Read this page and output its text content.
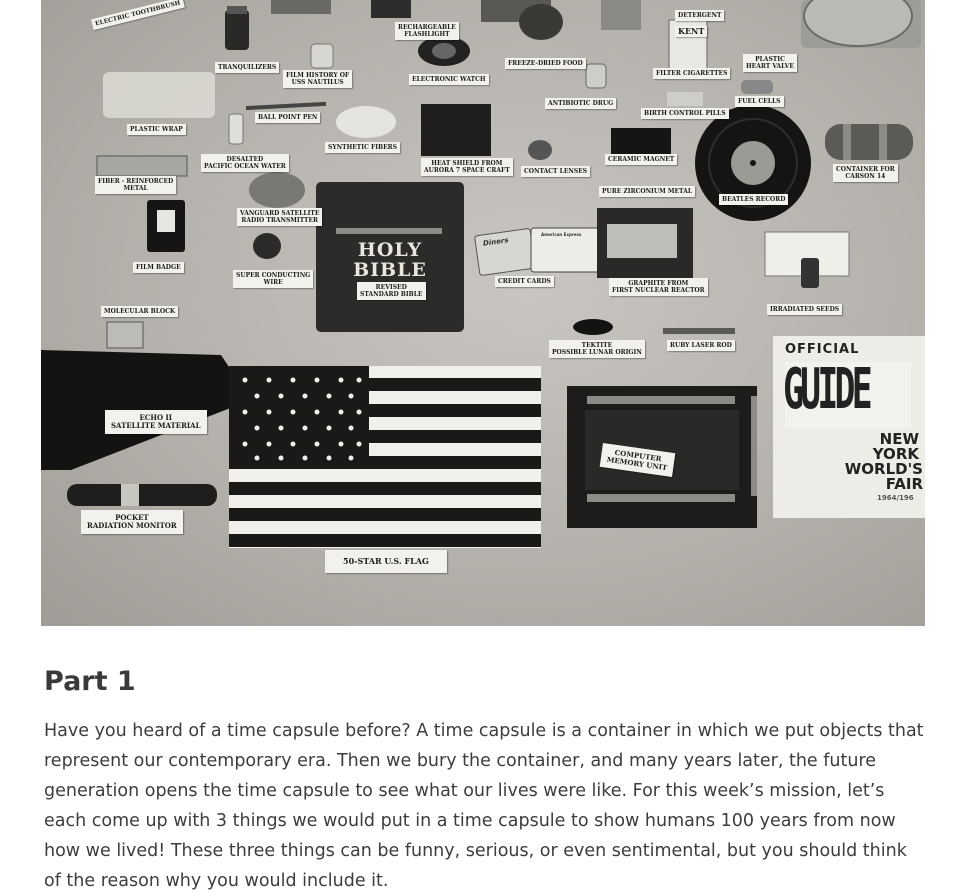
ELECTRIC TOOTHBRUSH
TRANQUILIZERS
FILM HISTORY OF
USS NAUTILUS
RECHARGEABLE
FLASHLIGHT
ELECTRONIC WATCH
FREEZE-DRIED FOOD
KENT
FILTER CIGARETTES
DETERGENT
PLASTIC
HEART VALVE
PLASTIC WRAP
BALL POINT PEN
ANTIBIOTIC DRUG
BIRTH CONTROL PILLS
FUEL CELLS
DESALTED
PACIFIC OCEAN WATER
SYNTHETIC FIBERS
HEAT SHIELD FROM
AURORA 7 SPACE CRAFT	CONTACT LENSES
CERAMIC MAGNET
CONTAINER FOR
CARSON 14
FIBER - REINFORCED
METAL	PURE ZIRCONIUM METAL
BEATLES RECORD
VANGUARD SATELLITE
RADIO TRANSMITTER
FILM BADGE
SUPER CONDUCTING
WIRE	CREDIT CARDS	GRAPHITE FROM
FIRST NUCLEAR REACTOR
IRRADIATED SEEDS
MOLECULAR BLOCK
TEKTITE
POSSIBLE LUNAR ORIGIN
RUBY LASER ROD
ECHO II
SATELLITE MATERIAL
COMPUTER
MEMORY UNIT
POCKET
RADIATION MONITOR
50-STAR U.S. FLAG
HOLY
BIBLE
REVISED
STANDARD BIBLE
Diners
American Express
OFFICIAL
GUIDE
NEW
YORK
WORLD'S
FAIR
1964/196
Part 1

Have you heard of a time capsule before? A time capsule is a container in which we put objects that represent our contemporary era. Then we bury the container, and many years later, the future generation opens the time capsule to see what our lives were like. For this week’s mission, let’s each come up with 3 things we would put in a time capsule to show humans 100 years from now how we lived! These three things can be funny, serious, or even sentimental, but you should think of the reason why you would include it.
